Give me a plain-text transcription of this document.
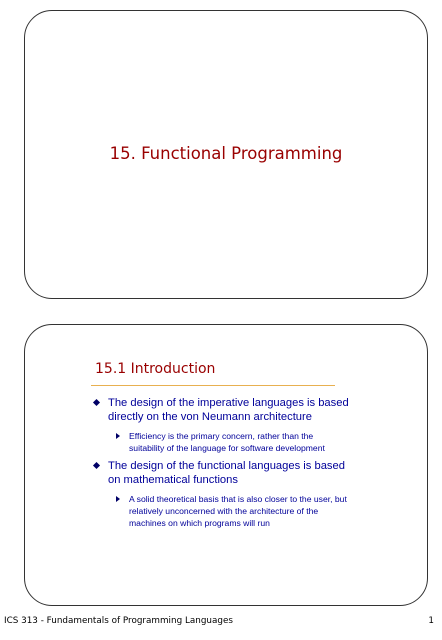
15. Functional Programming
15.1 Introduction
The design of the imperative languages is based
directly on the von Neumann architecture
Efficiency is the primary concern, rather than the
suitability of the language for software development
The design of the functional languages is based
on mathematical functions
A solid theoretical basis that is also closer to the user, but
relatively unconcerned with the architecture of the
machines on which programs will run
ICS 313 - Fundamentals of Programming Languages	1
